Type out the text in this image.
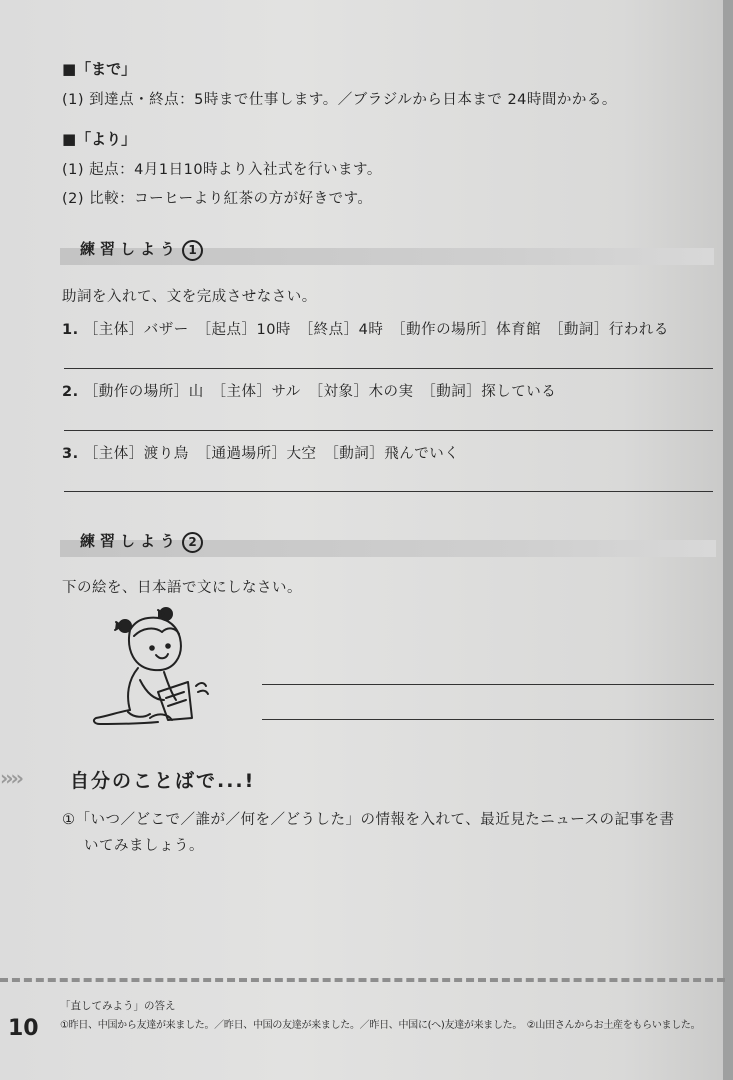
■「まで」
(1) 到達点・終点：5時まで仕事します。／ブラジルから日本まで 24時間かかる。
■「より」
(1) 起点：4月1日10時より入社式を行います。
(2) 比較：コーヒーより紅茶の方が好きです。
練習しよう 1
助詞を入れて、文を完成させなさい。
1. ［主体］バザー　［起点］10時　［終点］4時　［動作の場所］体育館　［動詞］行われる
2. ［動作の場所］山　［主体］サル　［対象］木の実　［動詞］探している
3. ［主体］渡り鳥　［通過場所］大空　［動詞］飛んでいく
練習しよう 2
下の絵を、日本語で文にしなさい。
››››	自分のことばで...!
①「いつ／どこで／誰が／何を／どうした」の情報を入れて、最近見たニュースの記事を書
いてみましょう。
「直してみよう」の答え
①昨日、中国から友達が来ました。／昨日、中国の友達が来ました。／昨日、中国に(へ)友達が来ました。　②山田さんからお土産をもらいました。
10
